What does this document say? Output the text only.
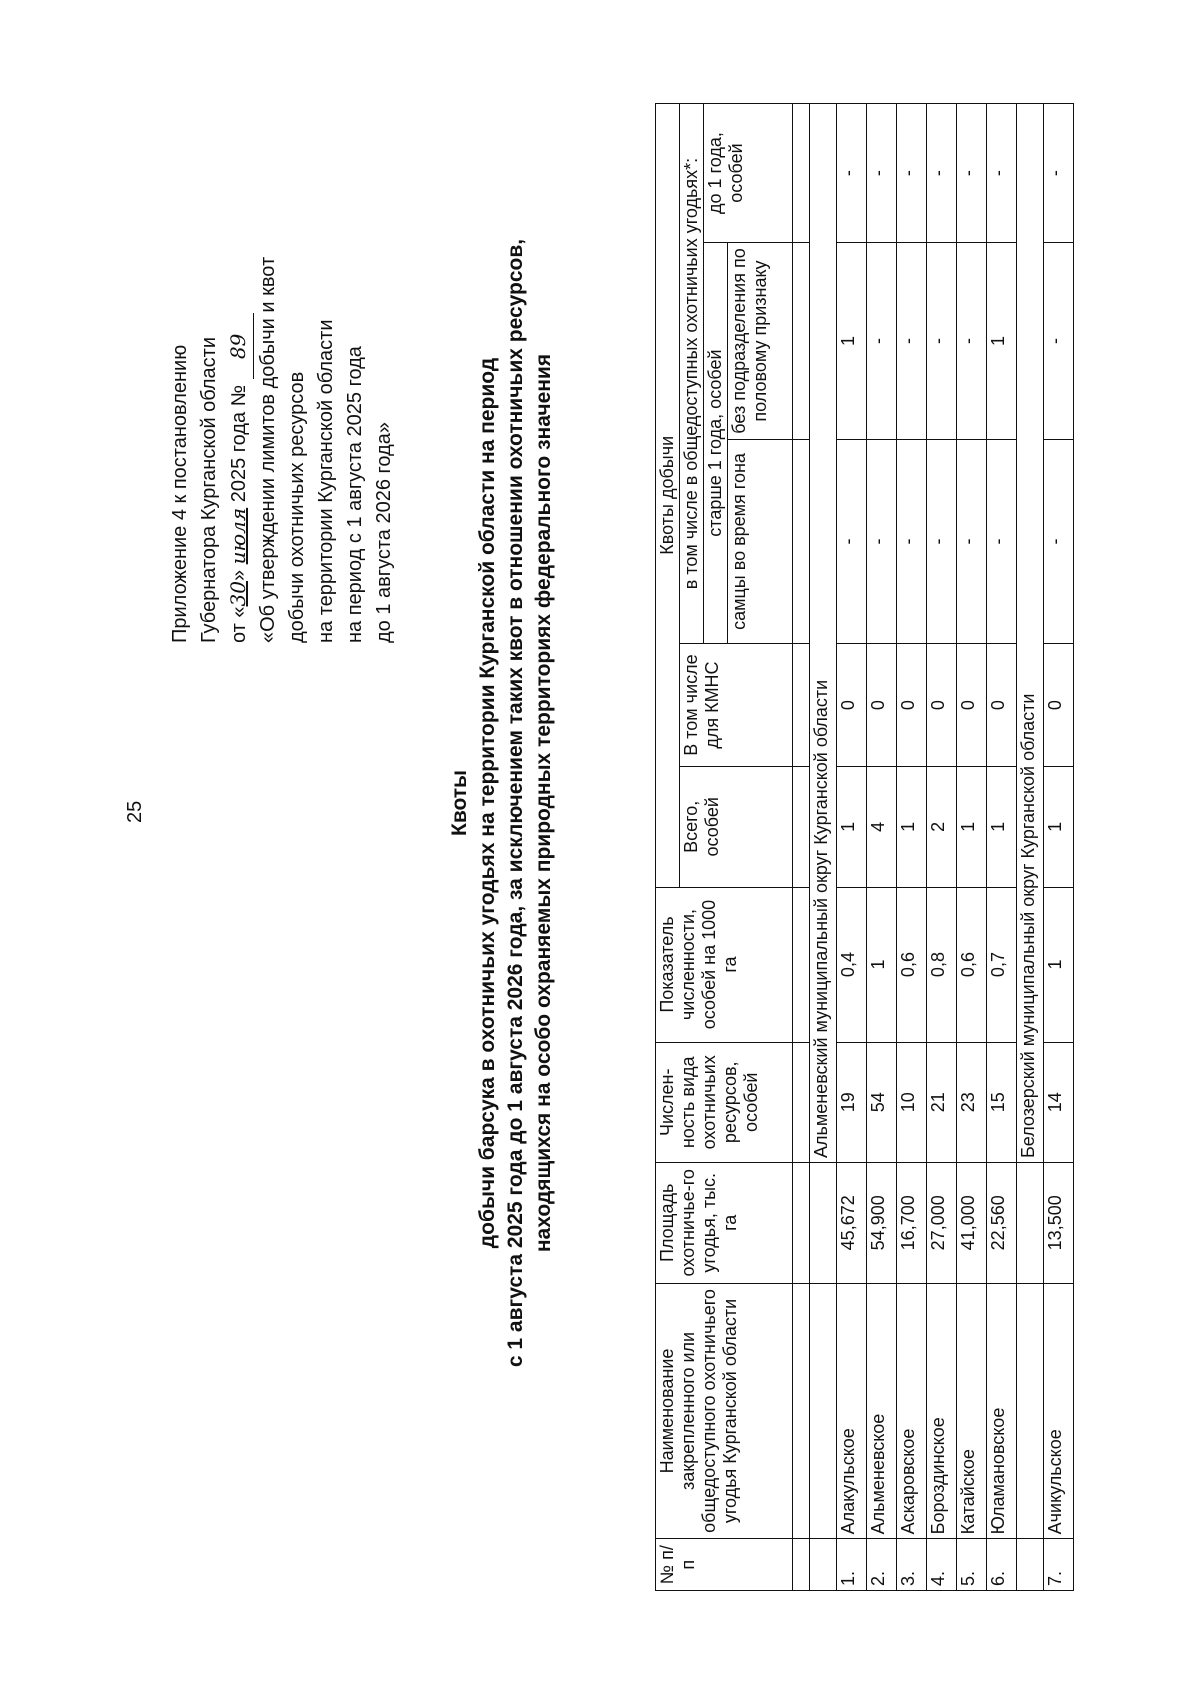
25
Приложение 4 к постановлению Губернатора Курганской области от «30» июля 2025 года № 89 «Об утверждении лимитов добычи и квот добычи охотничьих ресурсов на территории Курганской области на период с 1 августа 2025 года до 1 августа 2026 года»
Квоты добычи барсука в охотничьих угодьях на территории Курганской области на период с 1 августа 2025 года до 1 августа 2026 года, за исключением таких квот в отношении охотничьих ресурсов, находящихся на особо охраняемых природных территориях федерального значения
№ п/п	Наименование закрепленного или общедоступного охотничьего угодья Курганской области	Площадь охотничье-го угодья, тыс. га	Числен-ность вида охотничьих ресурсов, особей	Показатель численности, особей на 1000 га	Квоты добычи				
					Всего, особей	В том числе для КМНС	в том числе в общедоступных охотничьих угодьях*:		
							старше 1 года, особей		до 1 года, особей
							самцы во время гона	без подразделения по половому признаку	

			Альменевский муниципальный округ Курганской области						
1.	Алакульское	45,672	19	0,4	1	0	-	1	-
2.	Альменевское	54,900	54	1	4	0	-	-	-
3.	Аскаровское	16,700	10	0,6	1	0	-	-	-
4.	Бороздинское	27,000	21	0,8	2	0	-	-	-
5.	Катайское	41,000	23	0,6	1	0	-	-	-
6.	Юламановское	22,560	15	0,7	1	0	-	1	-
			Белозерский муниципальный округ Курганской области						
7.	Ачикульское	13,500	14	1	1	0	-	-	-
